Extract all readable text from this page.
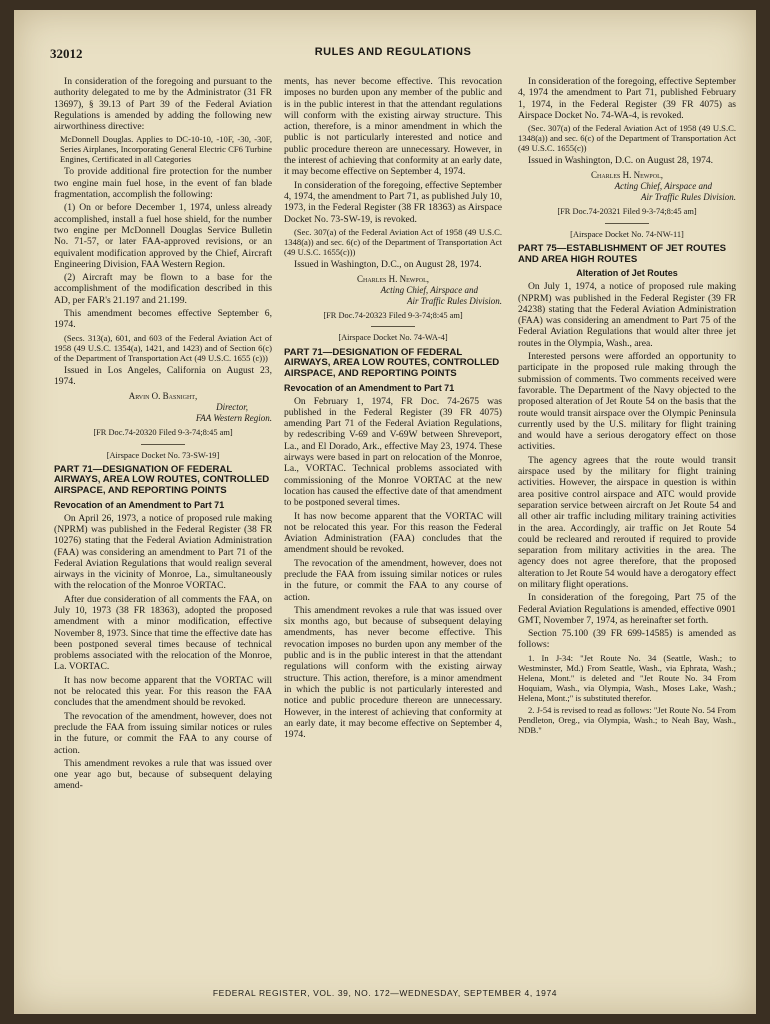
32012	RULES AND REGULATIONS

In consideration of the foregoing and pursuant to the authority delegated to me by the Administrator (31 FR 13697), § 39.13 of Part 39 of the Federal Aviation Regulations is amended by adding the following new airworthiness directive:

McDonnell Douglas. Applies to DC-10-10, -10F, -30, -30F, Series Airplanes, Incorporating General Electric CF6 Turbine Engines, Certificated in all Categories

To provide additional fire protection for the number two engine main fuel hose, in the event of fan blade fragmentation, accomplish the following:

(1) On or before December 1, 1974, unless already accomplished, install a fuel hose shield, for the number two engine per McDonnell Douglas Service Bulletin No. 71-57, or later FAA-approved revisions, or an equivalent modification approved by the Chief, Aircraft Engineering Division, FAA Western Region.

(2) Aircraft may be flown to a base for the accomplishment of the modification described in this AD, per FAR's 21.197 and 21.199.

This amendment becomes effective September 6, 1974.

(Secs. 313(a), 601, and 603 of the Federal Aviation Act of 1958 (49 U.S.C. 1354(a), 1421, and 1423) and of Section 6(c) of the Department of Transportation Act (49 U.S.C. 1655 (c)))

Issued in Los Angeles, California on August 23, 1974.

Arvin O. Basnight,
Director,
FAA Western Region.
[FR Doc.74-20320 Filed 9-3-74;8:45 am]
[Airspace Docket No. 73-SW-19]
PART 71—DESIGNATION OF FEDERAL AIRWAYS, AREA LOW ROUTES, CONTROLLED AIRSPACE, AND REPORTING POINTS
Revocation of an Amendment to Part 71

On April 26, 1973, a notice of proposed rule making (NPRM) was published in the Federal Register (38 FR 10276) stating that the Federal Aviation Administration (FAA) was considering an amendment to Part 71 of the Federal Aviation Regulations that would realign several airways in the vicinity of Monroe, La., simultaneously with the relocation of the Monroe VORTAC.

After due consideration of all comments the FAA, on July 10, 1973 (38 FR 18363), adopted the proposed amendment with a minor modification, effective November 8, 1973. Since that time the effective date has been postponed several times because of technical problems associated with the relocation of the Monroe, La. VORTAC.

It has now become apparent that the VORTAC will not be relocated this year. For this reason the FAA concludes that the amendment should be revoked.

The revocation of the amendment, however, does not preclude the FAA from issuing similar notices or rules in the future, or commit the FAA to any course of action.

This amendment revokes a rule that was issued over one year ago but, because of subsequent delaying amend-

ments, has never become effective. This revocation imposes no burden upon any member of the public and is in the public interest in that the attendant regulations will conform with the existing airway structure. This action, therefore, is a minor amendment in which the public is not particularly interested and notice and public procedure thereon are unnecessary. However, in the interest of achieving that conformity at an early date, it may become effective on September 4, 1974.

In consideration of the foregoing, effective September 4, 1974, the amendment to Part 71, as published July 10, 1973, in the Federal Register (38 FR 18363) as Airspace Docket No. 73-SW-19, is revoked.

(Sec. 307(a) of the Federal Aviation Act of 1958 (49 U.S.C. 1348(a)) and sec. 6(c) of the Department of Transportation Act (49 U.S.C. 1655(c)))

Issued in Washington, D.C., on August 28, 1974.

Charles H. Newpol,
Acting Chief, Airspace and
Air Traffic Rules Division.
[FR Doc.74-20323 Filed 9-3-74;8:45 am]
[Airspace Docket No. 74-WA-4]
PART 71—DESIGNATION OF FEDERAL AIRWAYS, AREA LOW ROUTES, CONTROLLED AIRSPACE, AND REPORTING POINTS
Revocation of an Amendment to Part 71

On February 1, 1974, FR Doc. 74-2675 was published in the Federal Register (39 FR 4075) amending Part 71 of the Federal Aviation Regulations, by redescribing V-69 and V-69W between Shreveport, La., and El Dorado, Ark., effective May 23, 1974. These airways were based in part on relocation of the Monroe, La., VORTAC. Technical problems associated with commissioning of the Monroe VORTAC at the new location has caused the effective date of that amendment to be postponed several times.

It has now become apparent that the VORTAC will not be relocated this year. For this reason the Federal Aviation Administration (FAA) concludes that the amendment should be revoked.

The revocation of the amendment, however, does not preclude the FAA from issuing similar notices or rules in the future, or commit the FAA to any course of action.

This amendment revokes a rule that was issued over six months ago, but because of subsequent delaying amendments, has never become effective. This revocation imposes no burden upon any member of the public and is in the public interest in that the attendant regulations will conform with the existing airway structure. This action, therefore, is a minor amendment in which the public is not particularly interested and notice and public procedure thereon are unnecessary. However, in the interest of achieving that conformity at an early date, it may become effective on September 4, 1974.

In consideration of the foregoing, effective September 4, 1974 the amendment to Part 71, published February 1, 1974, in the Federal Register (39 FR 4075) as Airspace Docket No. 74-WA-4, is revoked.

(Sec. 307(a) of the Federal Aviation Act of 1958 (49 U.S.C. 1348(a)) and sec. 6(c) of the Department of Transportation Act (49 U.S.C. 1655(c))

Issued in Washington, D.C. on August 28, 1974.

Charles H. Newpol,
Acting Chief, Airspace and
Air Traffic Rules Division.
[FR Doc.74-20321 Filed 9-3-74;8:45 am]
[Airspace Docket No. 74-NW-11]
PART 75—ESTABLISHMENT OF JET ROUTES AND AREA HIGH ROUTES
Alteration of Jet Routes

On July 1, 1974, a notice of proposed rule making (NPRM) was published in the Federal Register (39 FR 24238) stating that the Federal Aviation Administration (FAA) was considering an amendment to Part 75 of the Federal Aviation Regulations that would alter three jet routes in the Olympia, Wash., area.

Interested persons were afforded an opportunity to participate in the proposed rule making through the submission of comments. Two comments received were favorable. The Department of the Navy objected to the proposed alteration of Jet Route 54 on the basis that the route would transit airspace over the Olympic Peninsula currently used by the U.S. military for flight training and would have a serious derogatory effect on those activities.

The agency agrees that the route would transit airspace used by the military for flight training activities. However, the airspace in question is within area positive control airspace and ATC would provide separation service between aircraft on Jet Route 54 and all other air traffic including military training activities in the area. Accordingly, air traffic on Jet Route 54 could be recleared and rerouted if required to provide separation from military activities in the area. The agency does not agree therefore, that the proposed alteration to Jet Route 54 would have a derogatory effect on military flight operations.

In consideration of the foregoing, Part 75 of the Federal Aviation Regulations is amended, effective 0901 GMT, November 7, 1974, as hereinafter set forth.

Section 75.100 (39 FR 699-14585) is amended as follows:

1. In J-34: "Jet Route No. 34 (Seattle, Wash.; to Westminster, Md.) From Seattle, Wash., via Ephrata, Wash.; Helena, Mont." is deleted and "Jet Route No. 34 From Hoquiam, Wash., via Olympia, Wash., Moses Lake, Wash.; Helena, Mont.;" is substituted therefor.

2. J-54 is revised to read as follows: "Jet Route No. 54 From Pendleton, Oreg., via Olympia, Wash.; to Neah Bay, Wash., NDB."

FEDERAL REGISTER, VOL. 39, NO. 172—WEDNESDAY, SEPTEMBER 4, 1974
